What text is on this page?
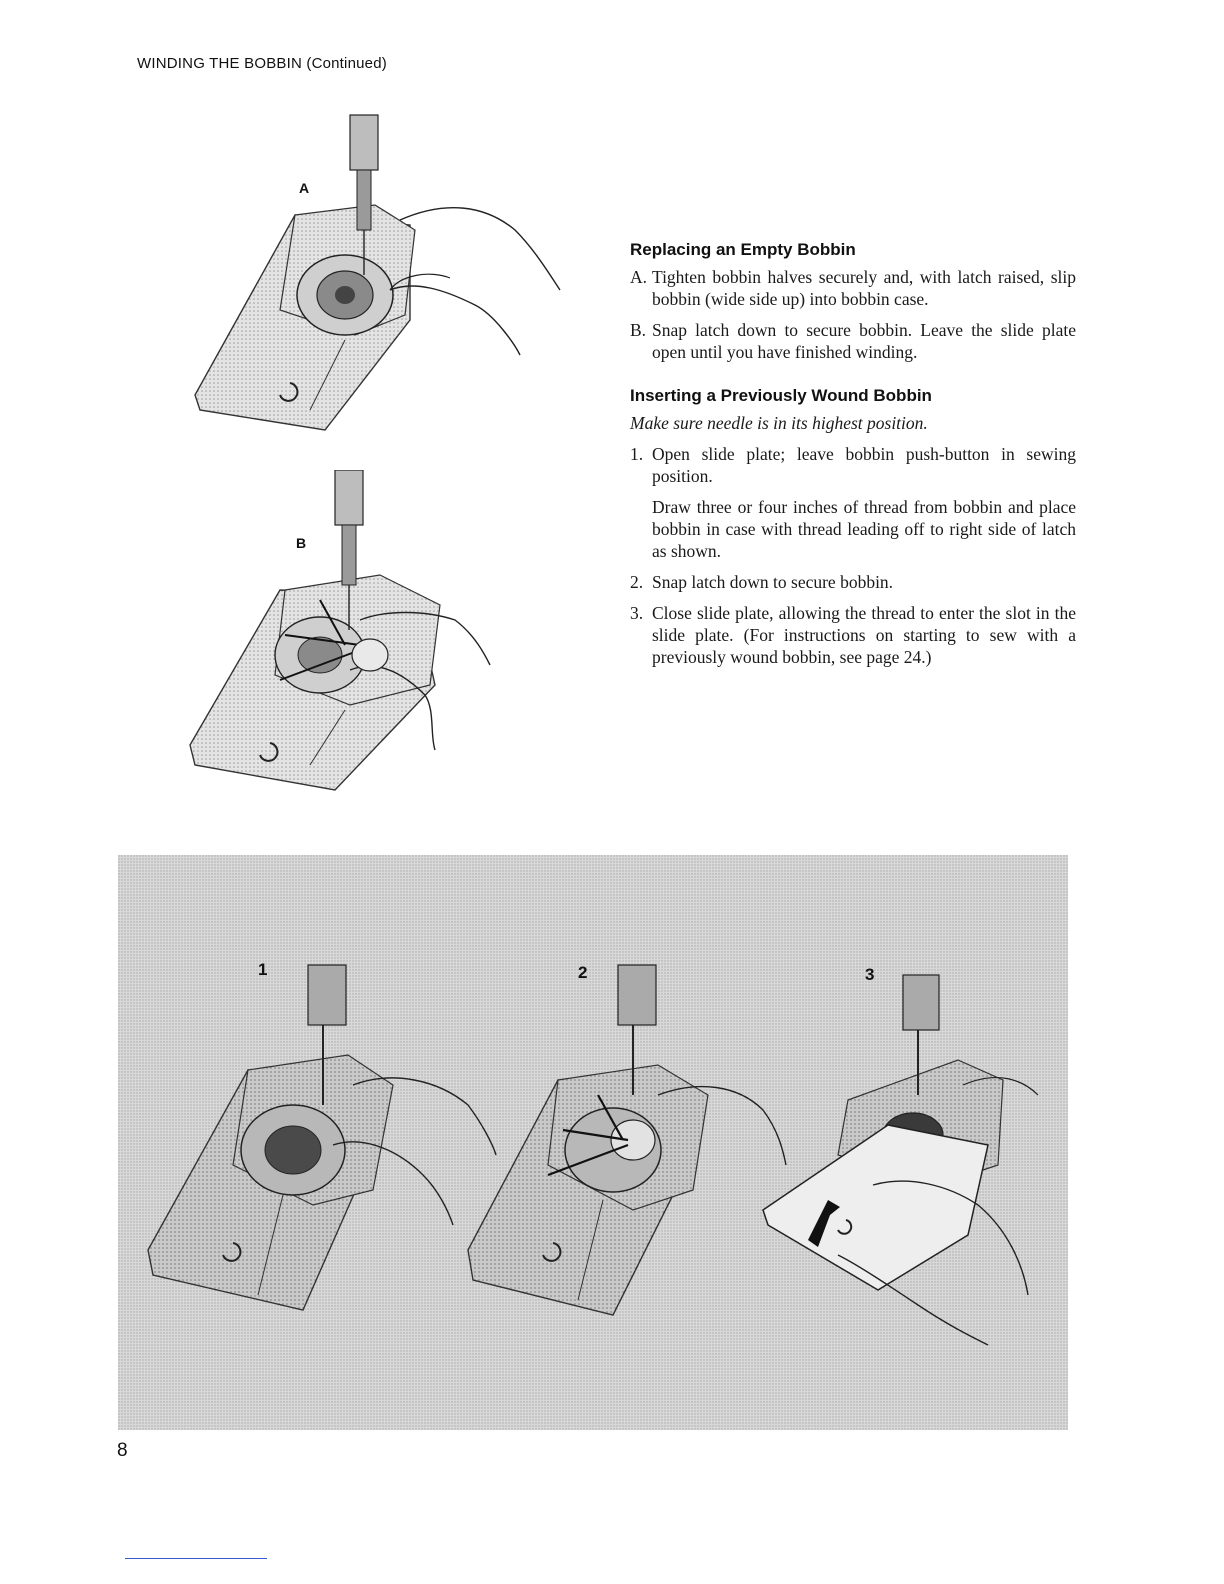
WINDING THE BOBBIN (Continued)
A
B
Replacing an Empty Bobbin
A. Tighten bobbin halves securely and, with latch raised, slip bobbin (wide side up) into bobbin case.
B. Snap latch down to secure bobbin. Leave the slide plate open until you have finished winding.
Inserting a Previously Wound Bobbin
Make sure needle is in its highest position.
1. Open slide plate; leave bobbin push-button in sewing position.
Draw three or four inches of thread from bobbin and place bobbin in case with thread leading off to right side of latch as shown.
2. Snap latch down to secure bobbin.
3. Close slide plate, allowing the thread to enter the slot in the slide plate. (For instructions on starting to sew with a previously wound bobbin, see page 24.)
1	2	3
8
